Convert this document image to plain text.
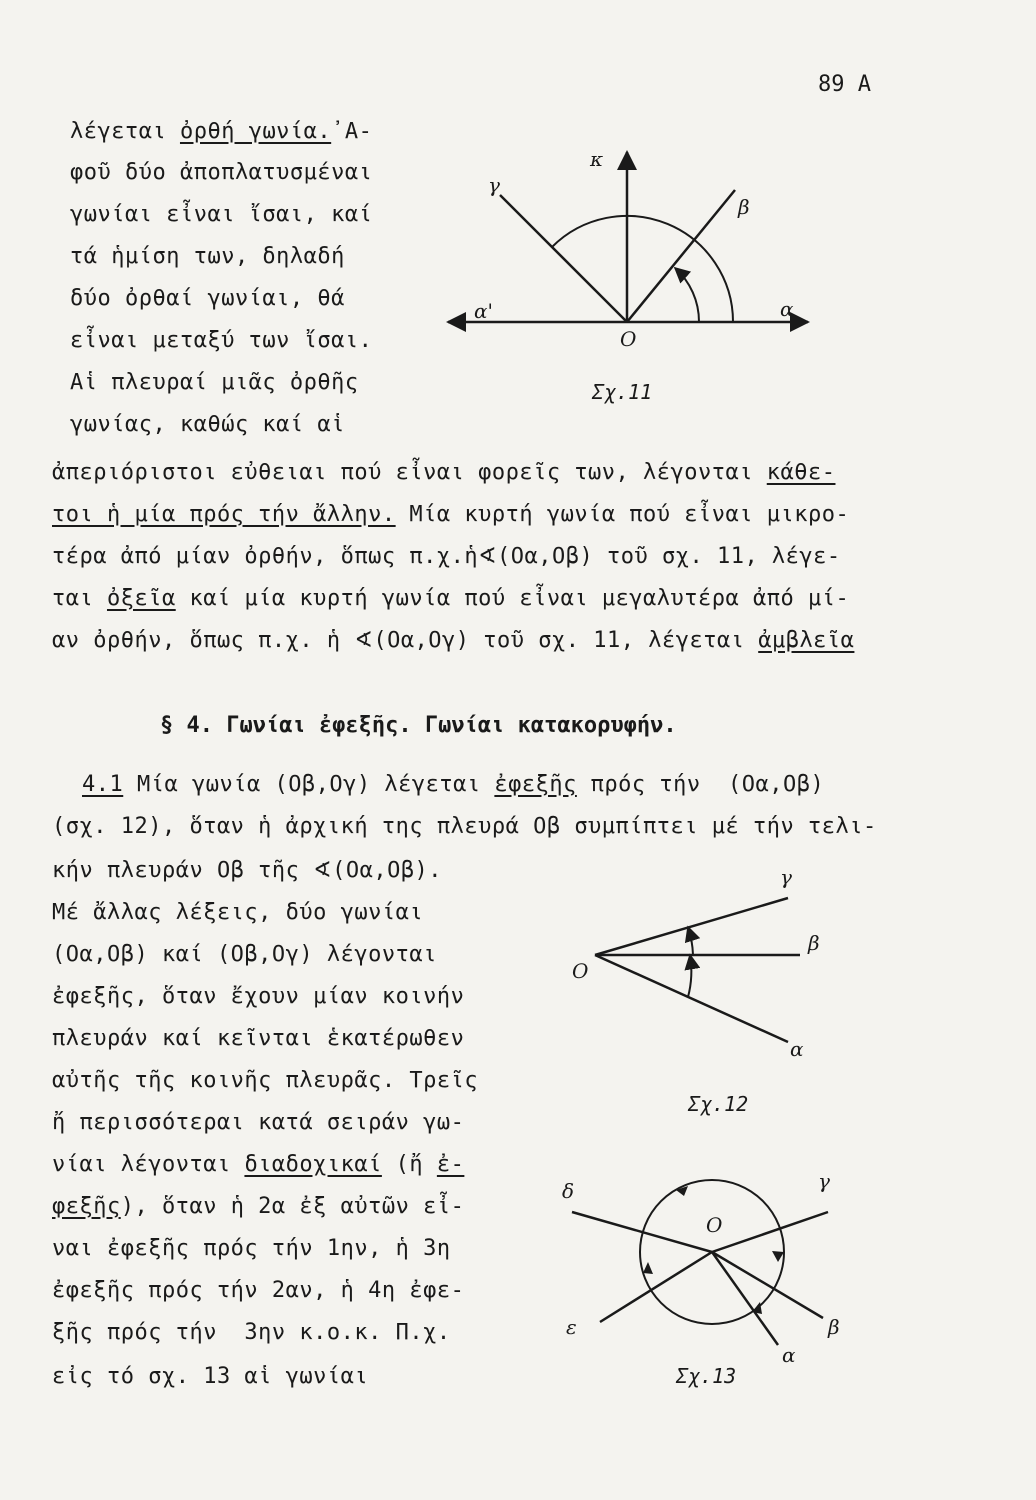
89 A
λέγεται ὀρθή γωνία.᾿Α-
φοῦ δύο ἀποπλατυσμέναι
γωνίαι εἶναι ἴσαι, καί
τά ἡμίση των, δηλαδή
δύο ὀρθαί γωνίαι, θά
εἶναι μεταξύ των ἴσαι.
Αἱ πλευραί μιᾶς ὀρθῆς
γωνίας, καθώς καί αἱ
ἀπεριόριστοι εὐθειαι πού εἶναι φορεῖς των, λέγονται κάθε-
τοι ἡ μία πρός τήν ἄλλην. Μία κυρτή γωνία πού εἶναι μικρο-
τέρα ἀπό μίαν ὀρθήν, ὅπως π.χ.ἡ∢(Οα,Οβ) τοῦ σχ. 11, λέγε-
ται ὀξεῖα καί μία κυρτή γωνία πού εἶναι μεγαλυτέρα ἀπό μί-
αν ὀρθήν, ὅπως π.χ. ἡ ∢(Οα,Ογ) τοῦ σχ. 11, λέγεται ἀμβλεῖα
§ 4. Γωνίαι ἐφεξῆς. Γωνίαι κατακορυφήν.
4.1 Μία γωνία (Οβ,Ογ) λέγεται ἐφεξῆς πρός τήν  (Οα,Οβ)
(σχ. 12), ὅταν ἡ ἀρχική της πλευρά Οβ συμπίπτει μέ τήν τελι-
κήν πλευράν Οβ τῆς ∢(Οα,Οβ).
Μέ ἄλλας λέξεις, δύο γωνίαι
(Οα,Οβ) καί (Οβ,Ογ) λέγονται
ἐφεξῆς, ὅταν ἔχουν μίαν κοινήν
πλευράν καί κεῖνται ἑκατέρωθεν
αὐτῆς τῆς κοινῆς πλευρᾶς. Τρεῖς
ἤ περισσότεραι κατά σειράν γω-
νίαι λέγονται διαδοχικαί (ἤ ἐ-
φεξῆς), ὅταν ἡ 2α ἐξ αὐτῶν εἶ-
ναι ἐφεξῆς πρός τήν 1ην, ἡ 3η
ἐφεξῆς πρός τήν 2αν, ἡ 4η ἐφε-
ξῆς πρός τήν  3ην κ.ο.κ. Π.χ.
εἰς τό σχ. 13 αἱ γωνίαι
κ
γ
β
α'	α
O
Σχ.11
γ
β
O
α
Σχ.12
δ	γ
O
ε	β
α
Σχ.13
